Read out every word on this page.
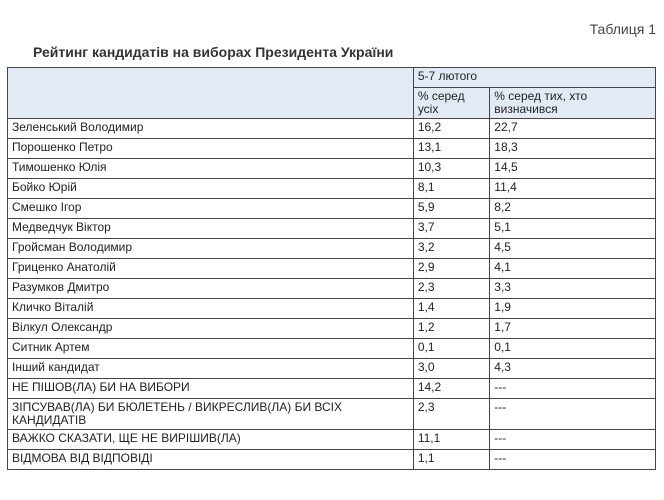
Таблиця 1
Рейтинг кандидатів на виборах Президента України
	5-7 лютого	
	% серед усіх	% серед тих, хто визначився
Зеленський Володимир	16,2	22,7
Порошенко Петро	13,1	18,3
Тимошенко Юлія	10,3	14,5
Бойко Юрій	8,1	11,4
Смешко Ігор	5,9	8,2
Медведчук Віктор	3,7	5,1
Гройсман Володимир	3,2	4,5
Гриценко Анатолій	2,9	4,1
Разумков Дмитро	2,3	3,3
Кличко Віталій	1,4	1,9
Вілкул Олександр	1,2	1,7
Ситник Артем	0,1	0,1
Інший кандидат	3,0	4,3
НЕ ПІШОВ(ЛА) БИ НА ВИБОРИ	14,2	---
ЗІПСУВАВ(ЛА) БИ БЮЛЕТЕНЬ / ВИКРЕСЛИВ(ЛА) БИ ВСІХ КАНДИДАТІВ	2,3	---
ВАЖКО СКАЗАТИ, ЩЕ НЕ ВИРІШИВ(ЛА)	11,1	---
ВІДМОВА ВІД ВІДПОВІДІ	1,1	---
